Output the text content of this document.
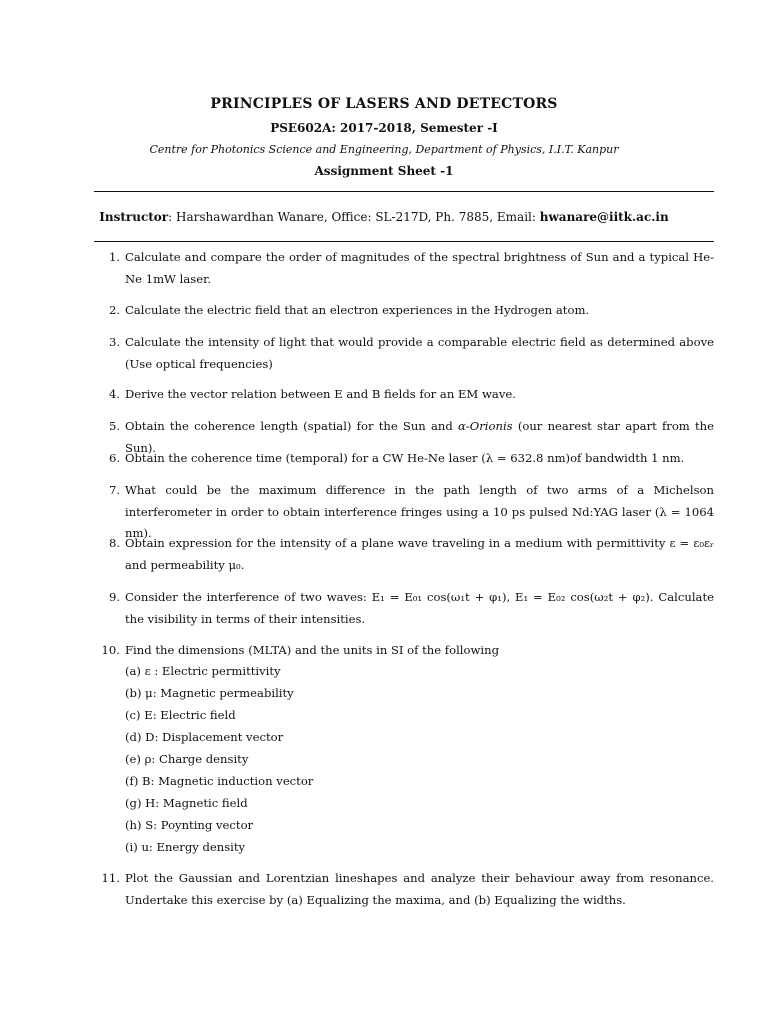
PRINCIPLES OF LASERS AND DETECTORS
PSE602A: 2017-2018, Semester -I
Centre for Photonics Science and Engineering, Department of Physics, I.I.T. Kanpur
Assignment Sheet -1
Instructor: Harshawardhan Wanare, Office: SL-217D, Ph. 7885, Email: hwanare@iitk.ac.in
1. Calculate and compare the order of magnitudes of the spectral brightness of Sun and a typical He-Ne 1mW laser.
2. Calculate the electric field that an electron experiences in the Hydrogen atom.
3. Calculate the intensity of light that would provide a comparable electric field as determined above (Use optical frequencies)
4. Derive the vector relation between E and B fields for an EM wave.
5. Obtain the coherence length (spatial) for the Sun and α-Orionis (our nearest star apart from the Sun).
6. Obtain the coherence time (temporal) for a CW He-Ne laser (λ = 632.8 nm)of bandwidth 1 nm.
7. What could be the maximum difference in the path length of two arms of a Michelson interferometer in order to obtain interference fringes using a 10 ps pulsed Nd:YAG laser (λ = 1064 nm).
8. Obtain expression for the intensity of a plane wave traveling in a medium with permittivity ε = ε₀εᵣ and permeability μ₀.
9. Consider the interference of two waves: E₁ = E₀₁ cos(ω₁t + φ₁), E₁ = E₀₂ cos(ω₂t + φ₂). Calculate the visibility in terms of their intensities.
10. Find the dimensions (MLTA) and the units in SI of the following
(a) ε : Electric permittivity
(b) μ: Magnetic permeability
(c) E: Electric field
(d) D: Displacement vector
(e) ρ: Charge density
(f) B: Magnetic induction vector
(g) H: Magnetic field
(h) S: Poynting vector
(i) u: Energy density
11. Plot the Gaussian and Lorentzian lineshapes and analyze their behaviour away from resonance. Undertake this exercise by (a) Equalizing the maxima, and (b) Equalizing the widths.
